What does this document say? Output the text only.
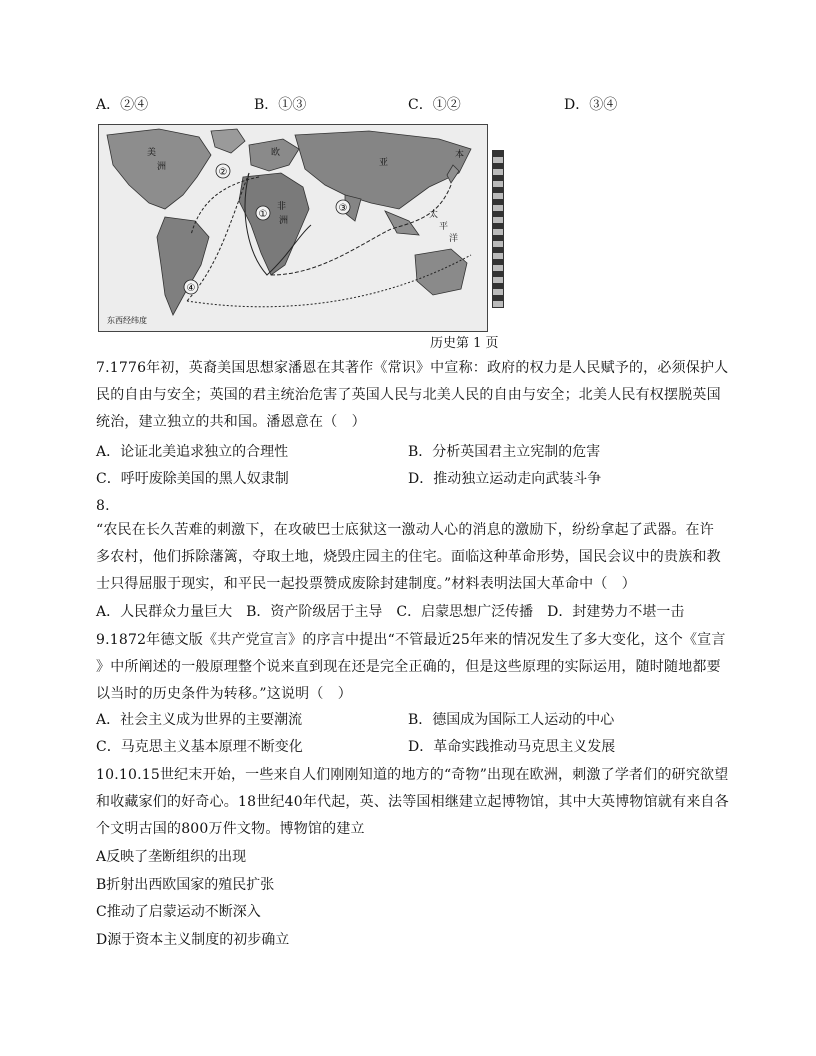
A．②④	B．①③	C．①②	D．③④
②
①
③
④
本
美
洲
欧
亚
非
洲
太
平
洋
东西经纬度
历史第 1 页
7.1776年初，英裔美国思想家潘恩在其著作《常识》中宣称：政府的权力是人民赋予的，必须保护人
民的自由与安全；英国的君主统治危害了英国人民与北美人民的自由与安全；北美人民有权摆脱英国
统治，建立独立的共和国。潘恩意在（　）
A．论证北美追求独立的合理性	B．分析英国君主立宪制的危害
C．呼吁废除美国的黑人奴隶制	D．推动独立运动走向武装斗争
8.
“农民在长久苦难的刺激下，在攻破巴士底狱这一激动人心的消息的激励下，纷纷拿起了武器。在许
多农村，他们拆除藩篱，夺取土地，烧毁庄园主的住宅。面临这种革命形势，国民会议中的贵族和教
士只得屈服于现实，和平民一起投票赞成废除封建制度。”材料表明法国大革命中（　）
A．人民群众力量巨大　B．资产阶级居于主导　C．启蒙思想广泛传播　D．封建势力不堪一击
9.1872年德文版《共产党宣言》的序言中提出“不管最近25年来的情况发生了多大变化，这个《宣言
》中所阐述的一般原理整个说来直到现在还是完全正确的，但是这些原理的实际运用，随时随地都要
以当时的历史条件为转移。”这说明（　）
A．社会主义成为世界的主要潮流	B．德国成为国际工人运动的中心
C．马克思主义基本原理不断变化	D．革命实践推动马克思主义发展
10.10.15世纪末开始，一些来自人们刚刚知道的地方的“奇物”出现在欧洲，刺激了学者们的研究欲望
和收藏家们的好奇心。18世纪40年代起，英、法等国相继建立起博物馆，其中大英博物馆就有来自各
个文明古国的800万件文物。博物馆的建立
A反映了垄断组织的出现
B折射出西欧国家的殖民扩张
C推动了启蒙运动不断深入
D源于资本主义制度的初步确立
